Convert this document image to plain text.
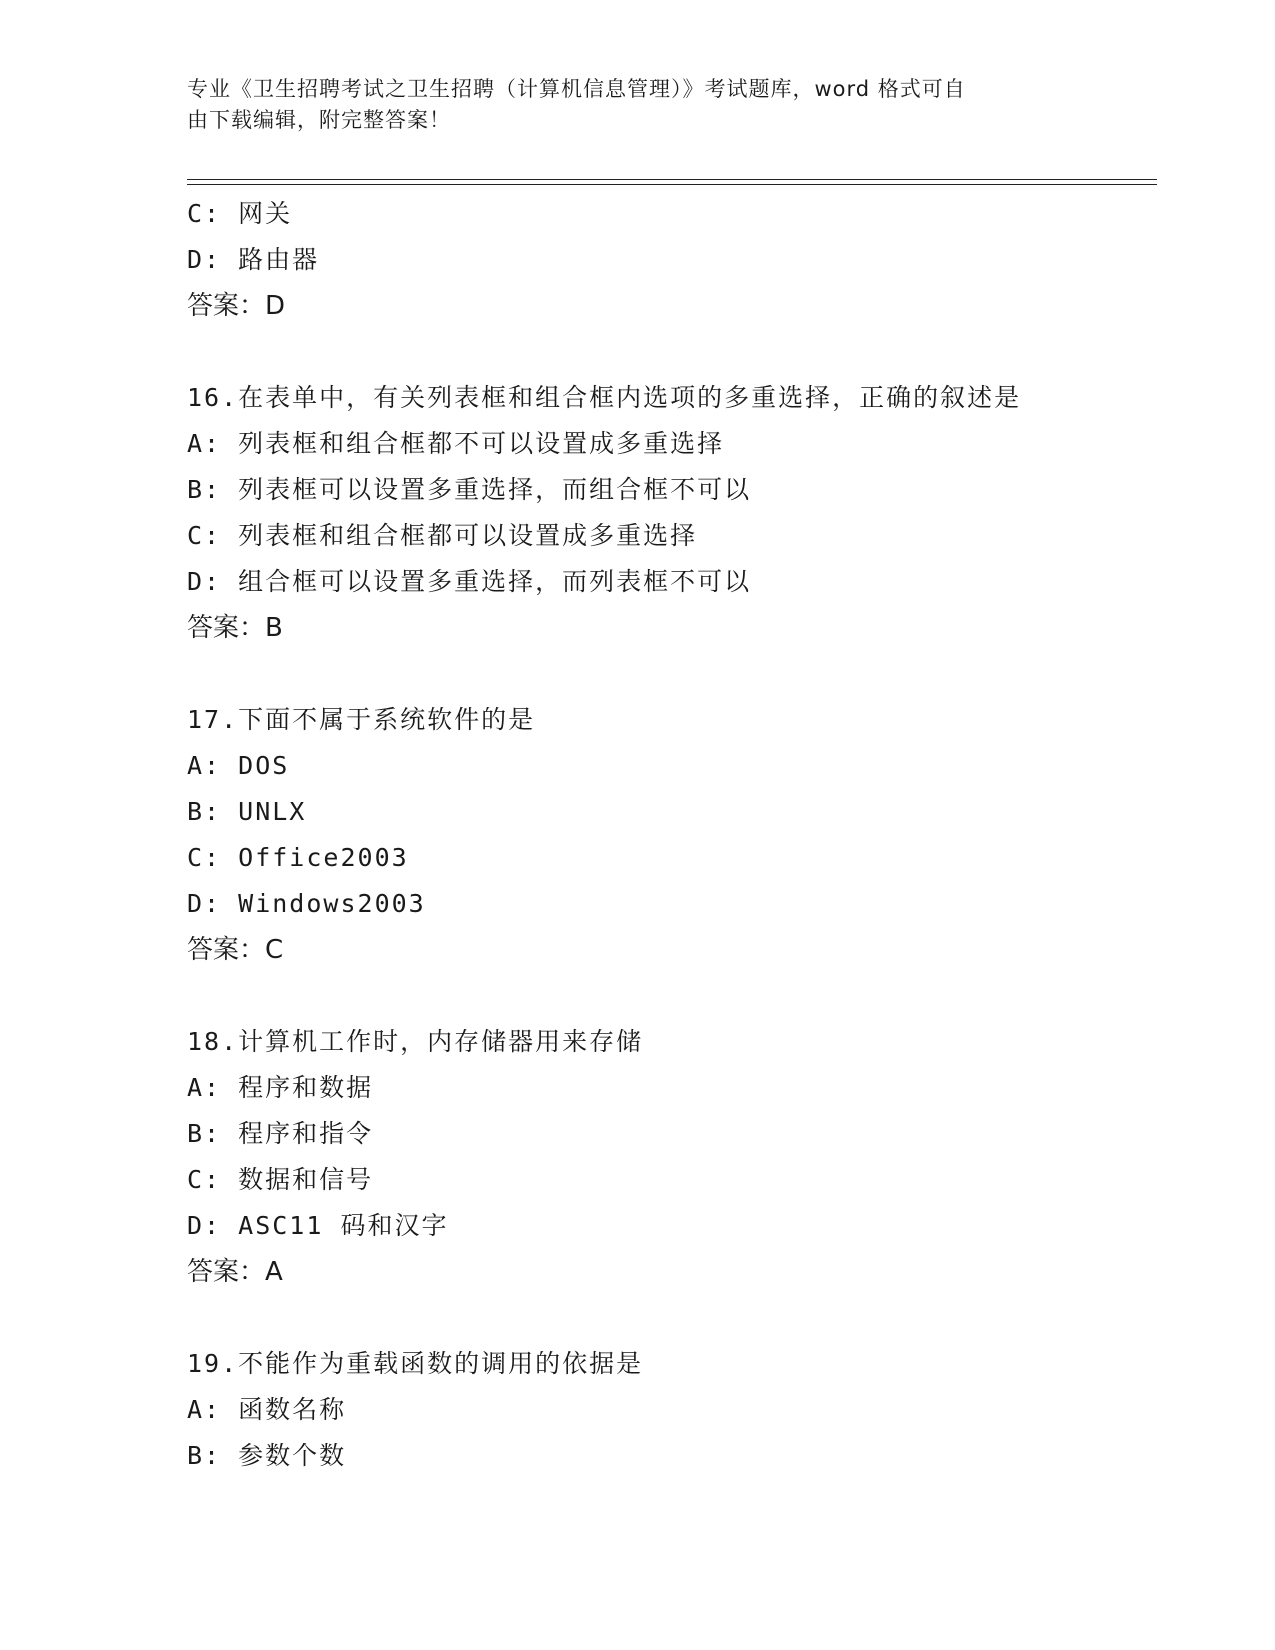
专业《卫生招聘考试之卫生招聘（计算机信息管理）》考试题库，word 格式可自
由下载编辑，附完整答案！
C: 网关
D: 路由器
答案：D
16.在表单中，有关列表框和组合框内选项的多重选择，正确的叙述是
A: 列表框和组合框都不可以设置成多重选择
B: 列表框可以设置多重选择，而组合框不可以
C: 列表框和组合框都可以设置成多重选择
D: 组合框可以设置多重选择，而列表框不可以
答案：B
17.下面不属于系统软件的是
A: DOS
B: UNLX
C: Office2003
D: Windows2003
答案：C
18.计算机工作时，内存储器用来存储
A: 程序和数据
B: 程序和指令
C: 数据和信号
D: ASC11 码和汉字
答案：A
19.不能作为重载函数的调用的依据是
A: 函数名称
B: 参数个数
